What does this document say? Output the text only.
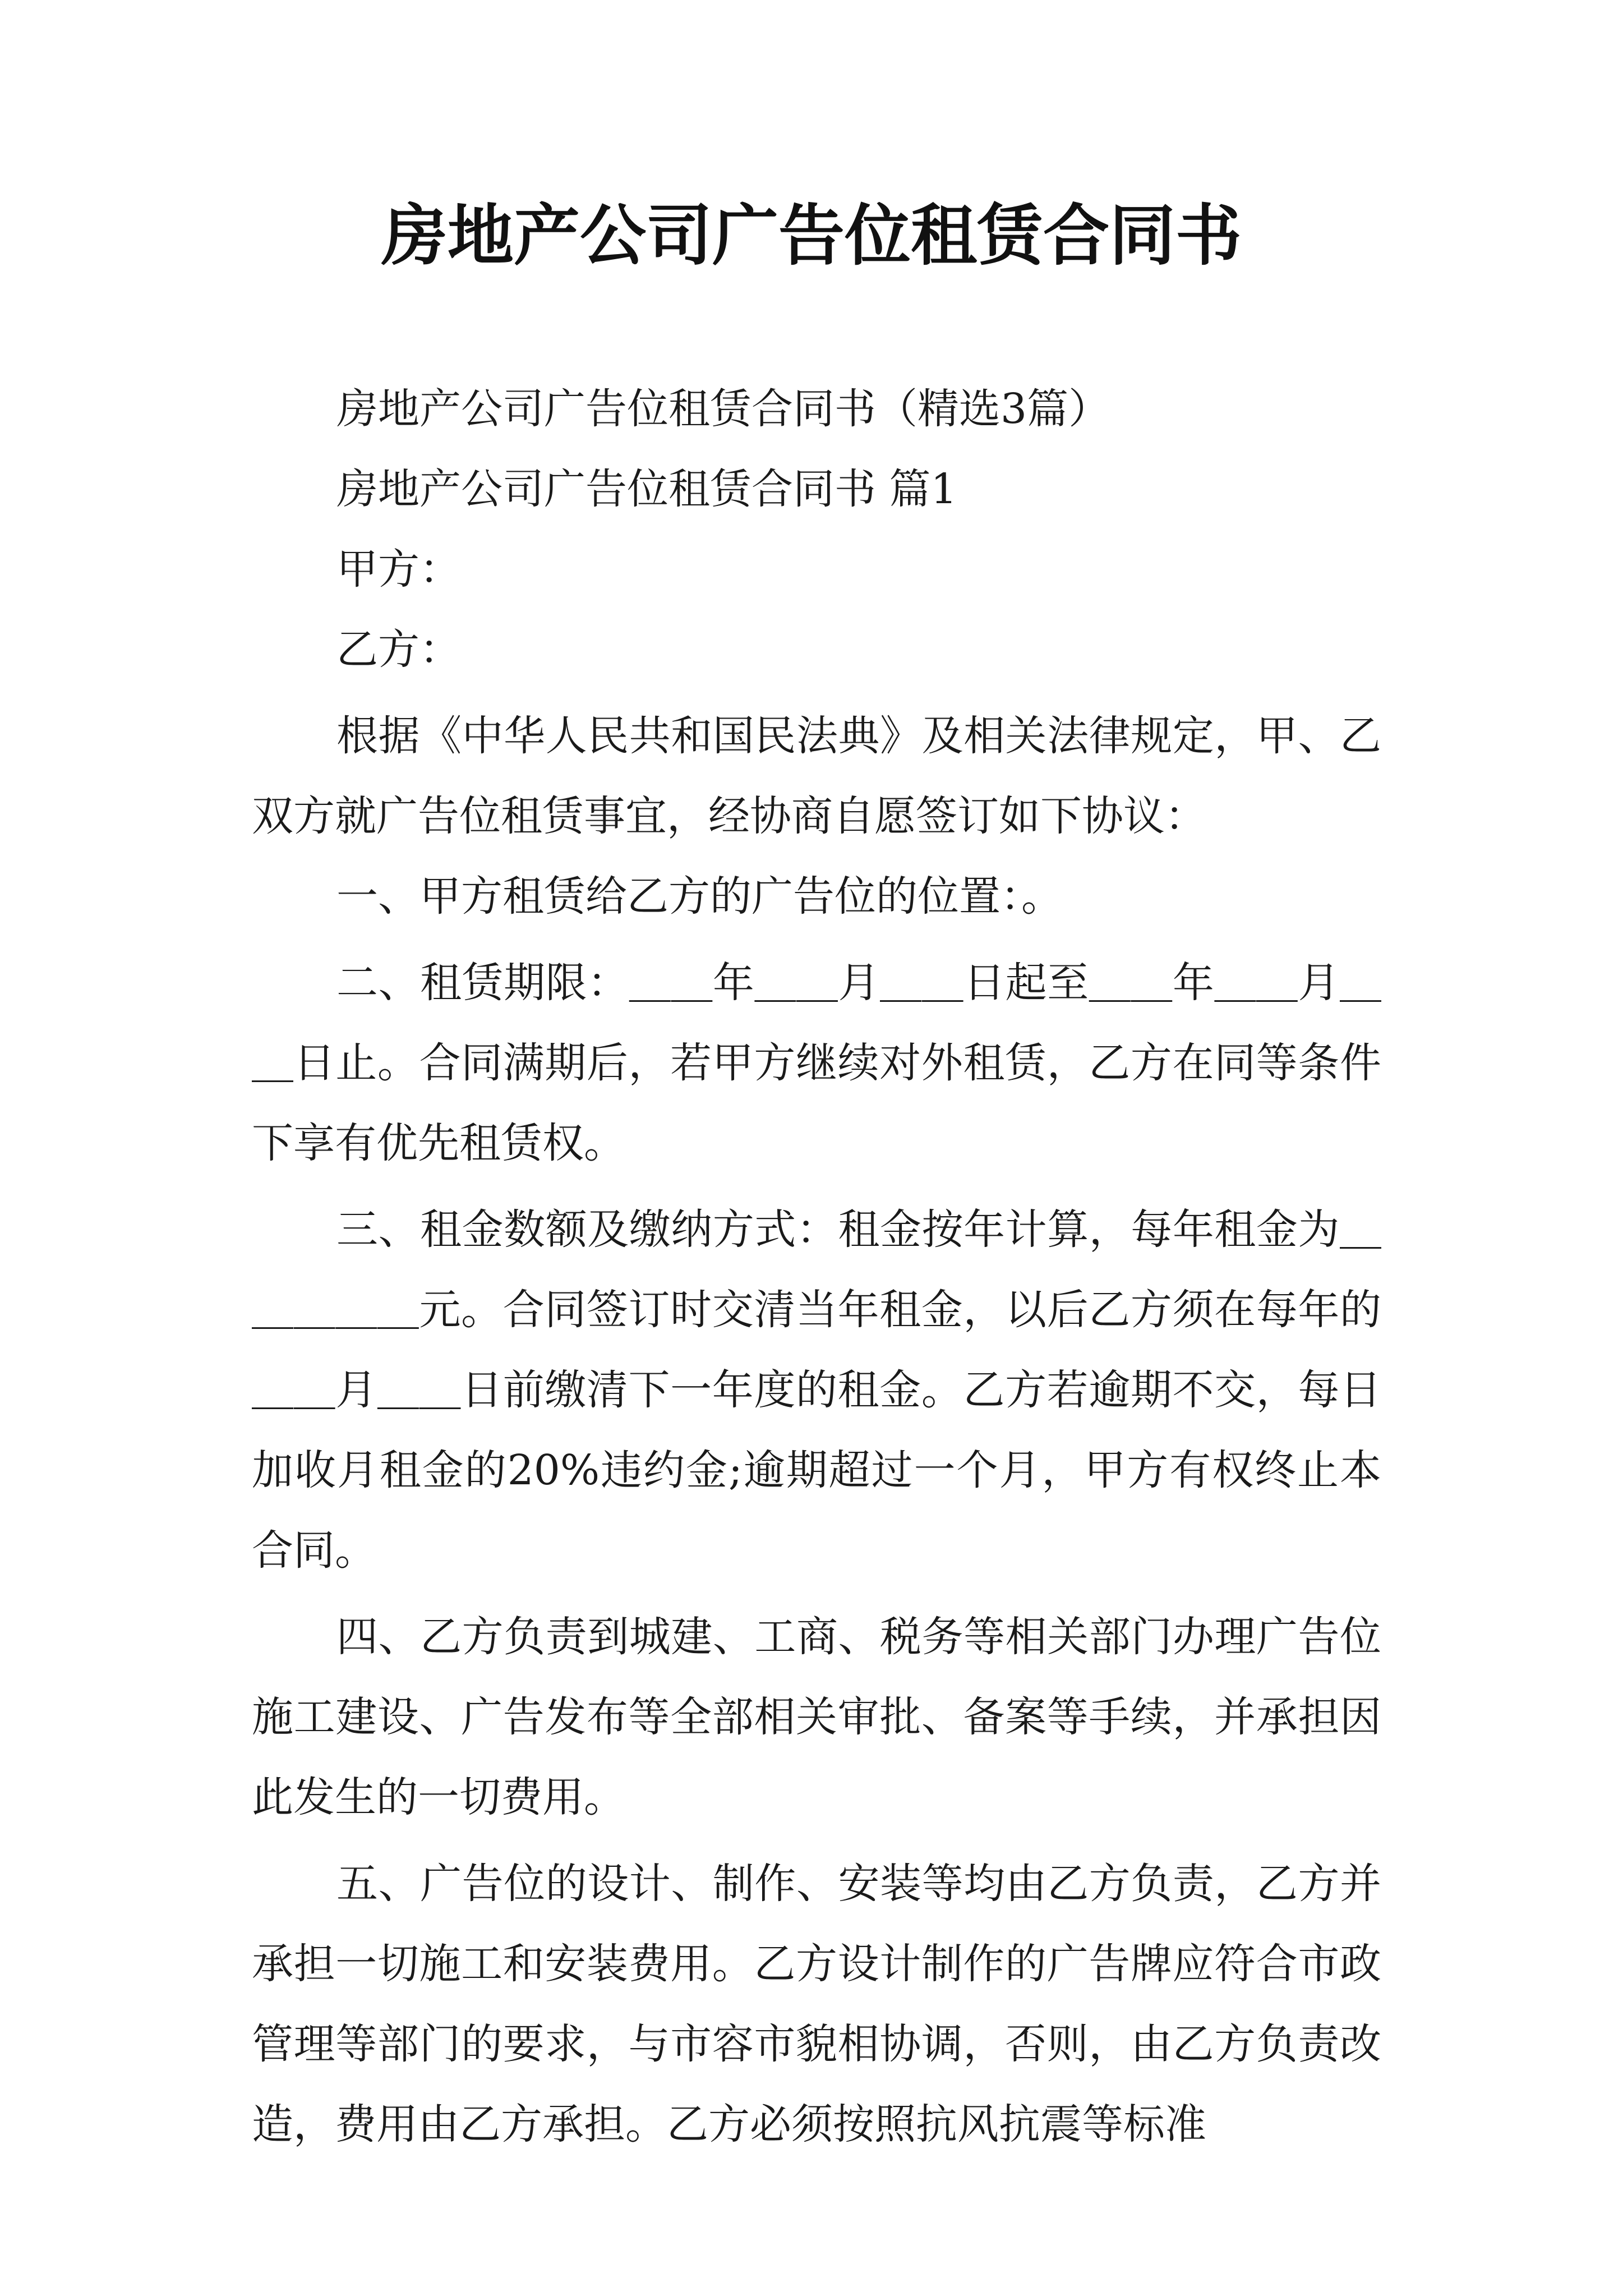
房地产公司广告位租赁合同书

房地产公司广告位租赁合同书（精选3篇）

房地产公司广告位租赁合同书 篇1

甲方：

乙方：

根据《中华人民共和国民法典》及相关法律规定，甲、乙双方就广告位租赁事宜，经协商自愿签订如下协议：

一、甲方租赁给乙方的广告位的位置：。

二、租赁期限：＿＿年＿＿月＿＿日起至＿＿年＿＿月＿＿日止。合同满期后，若甲方继续对外租赁，乙方在同等条件下享有优先租赁权。

三、租金数额及缴纳方式：租金按年计算，每年租金为＿＿＿＿＿元。合同签订时交清当年租金，以后乙方须在每年的＿＿月＿＿日前缴清下一年度的租金。乙方若逾期不交，每日加收月租金的20%违约金;逾期超过一个月，甲方有权终止本合同。

四、乙方负责到城建、工商、税务等相关部门办理广告位施工建设、广告发布等全部相关审批、备案等手续，并承担因此发生的一切费用。

五、广告位的设计、制作、安装等均由乙方负责，乙方并承担一切施工和安装费用。乙方设计制作的广告牌应符合市政管理等部门的要求，与市容市貌相协调，否则，由乙方负责改造，费用由乙方承担。乙方必须按照抗风抗震等标准
